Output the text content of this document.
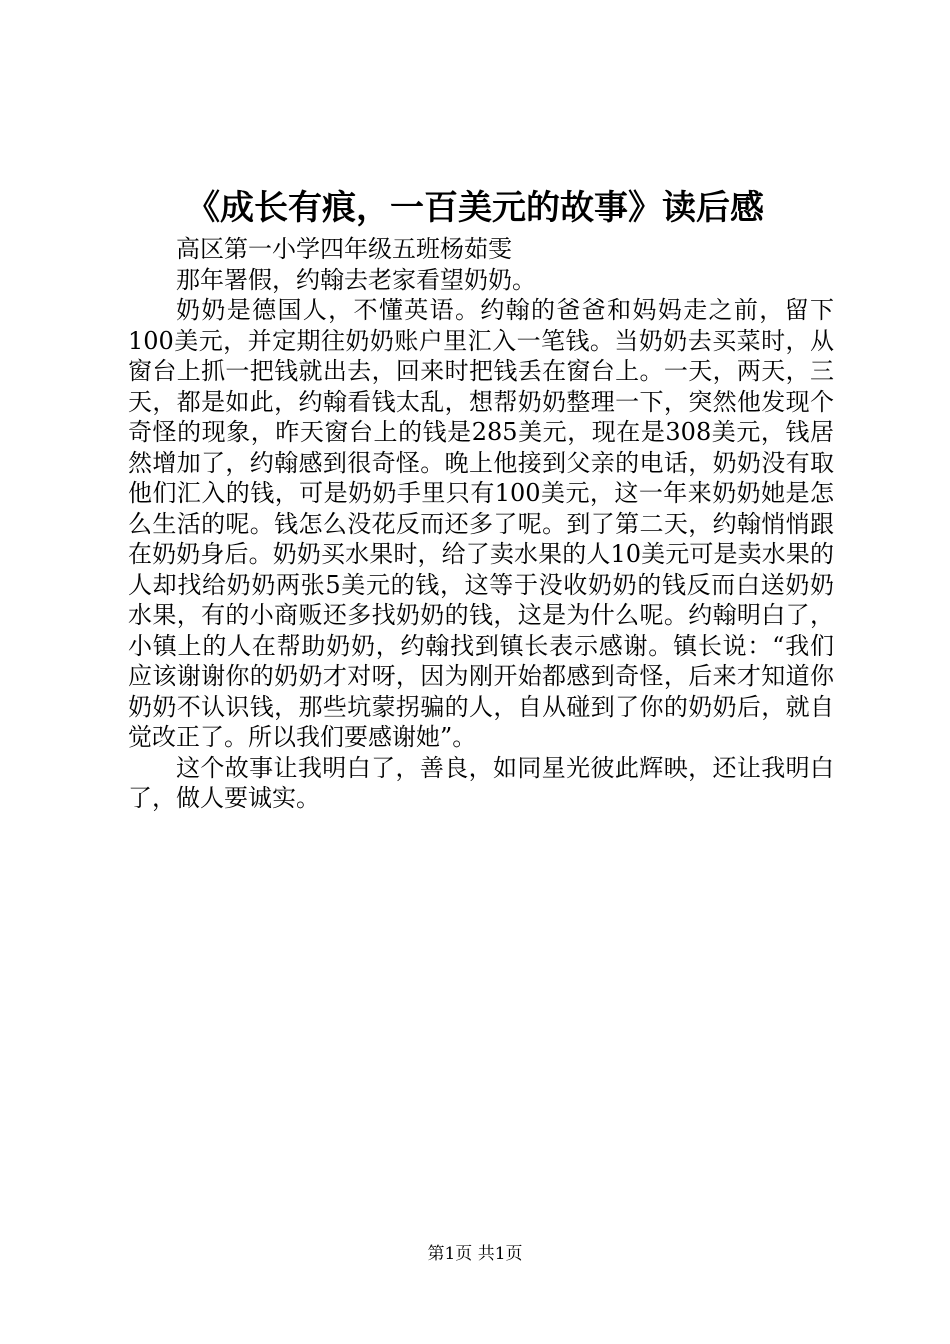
《成长有痕，一百美元的故事》读后感

高区第一小学四年级五班杨茹雯

那年署假，约翰去老家看望奶奶。

奶奶是德国人，不懂英语。约翰的爸爸和妈妈走之前，留下100美元，并定期往奶奶账户里汇入一笔钱。当奶奶去买菜时，从窗台上抓一把钱就出去，回来时把钱丢在窗台上。一天，两天，三天，都是如此，约翰看钱太乱，想帮奶奶整理一下，突然他发现个奇怪的现象，昨天窗台上的钱是285美元，现在是308美元，钱居然增加了，约翰感到很奇怪。晚上他接到父亲的电话，奶奶没有取他们汇入的钱，可是奶奶手里只有100美元，这一年来奶奶她是怎么生活的呢。钱怎么没花反而还多了呢。到了第二天，约翰悄悄跟在奶奶身后。奶奶买水果时，给了卖水果的人10美元可是卖水果的人却找给奶奶两张5美元的钱，这等于没收奶奶的钱反而白送奶奶水果，有的小商贩还多找奶奶的钱，这是为什么呢。约翰明白了，小镇上的人在帮助奶奶，约翰找到镇长表示感谢。镇长说：“我们应该谢谢你的奶奶才对呀，因为刚开始都感到奇怪，后来才知道你奶奶不认识钱，那些坑蒙拐骗的人，自从碰到了你的奶奶后，就自觉改正了。所以我们要感谢她”。

这个故事让我明白了，善良，如同星光彼此辉映，还让我明白了，做人要诚实。

第1页 共1页
